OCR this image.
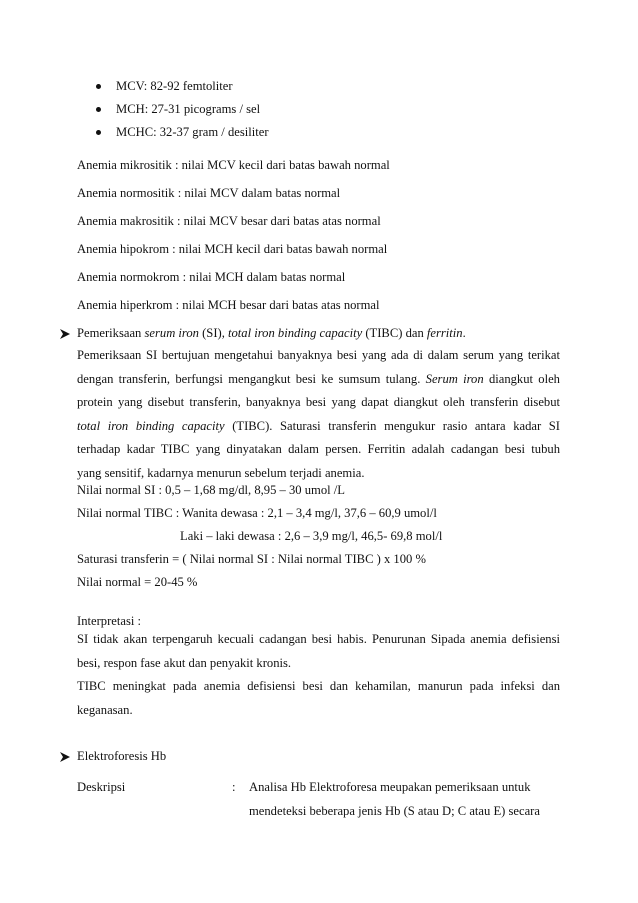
MCV: 82-92 femtoliter
MCH: 27-31 picograms / sel
MCHC: 32-37 gram / desiliter
Anemia mikrositik : nilai MCV kecil dari batas bawah normal
Anemia normositik : nilai MCV dalam batas normal
Anemia makrositik : nilai MCV besar dari batas atas normal
Anemia hipokrom : nilai MCH kecil dari batas bawah normal
Anemia normokrom : nilai MCH dalam batas normal
Anemia hiperkrom : nilai MCH besar dari batas atas normal
Pemeriksaan serum iron (SI), total iron binding capacity (TIBC) dan ferritin.
Pemeriksaan SI bertujuan mengetahui banyaknya besi yang ada di dalam serum yang terikat
dengan transferin, berfungsi mengangkut besi ke sumsum tulang. Serum iron diangkut oleh
protein yang disebut transferin, banyaknya besi yang dapat diangkut oleh transferin disebut
total iron binding capacity (TIBC). Saturasi transferin mengukur rasio antara kadar SI
terhadap kadar TIBC yang dinyatakan dalam persen. Ferritin adalah cadangan besi tubuh
yang sensitif, kadarnya menurun sebelum terjadi anemia.
Nilai normal SI : 0,5 – 1,68 mg/dl, 8,95 – 30 umol /L
Nilai normal TIBC : Wanita dewasa : 2,1 – 3,4 mg/l, 37,6 – 60,9 umol/l
Laki – laki dewasa : 2,6 – 3,9 mg/l, 46,5- 69,8 mol/l
Saturasi transferin = ( Nilai normal SI : Nilai normal TIBC ) x 100 %
Nilai normal = 20-45 %
Interpretasi :
SI tidak akan terpengaruh kecuali cadangan besi habis. Penurunan Sipada anemia defisiensi
besi, respon fase akut dan penyakit kronis.
TIBC meningkat pada anemia defisiensi besi dan kehamilan, manurun pada infeksi dan
keganasan.
Elektroforesis Hb
Deskripsi	: Analisa Hb Elektroforesa meupakan pemeriksaan untuk
mendeteksi beberapa jenis Hb (S atau D; C atau E) secara
